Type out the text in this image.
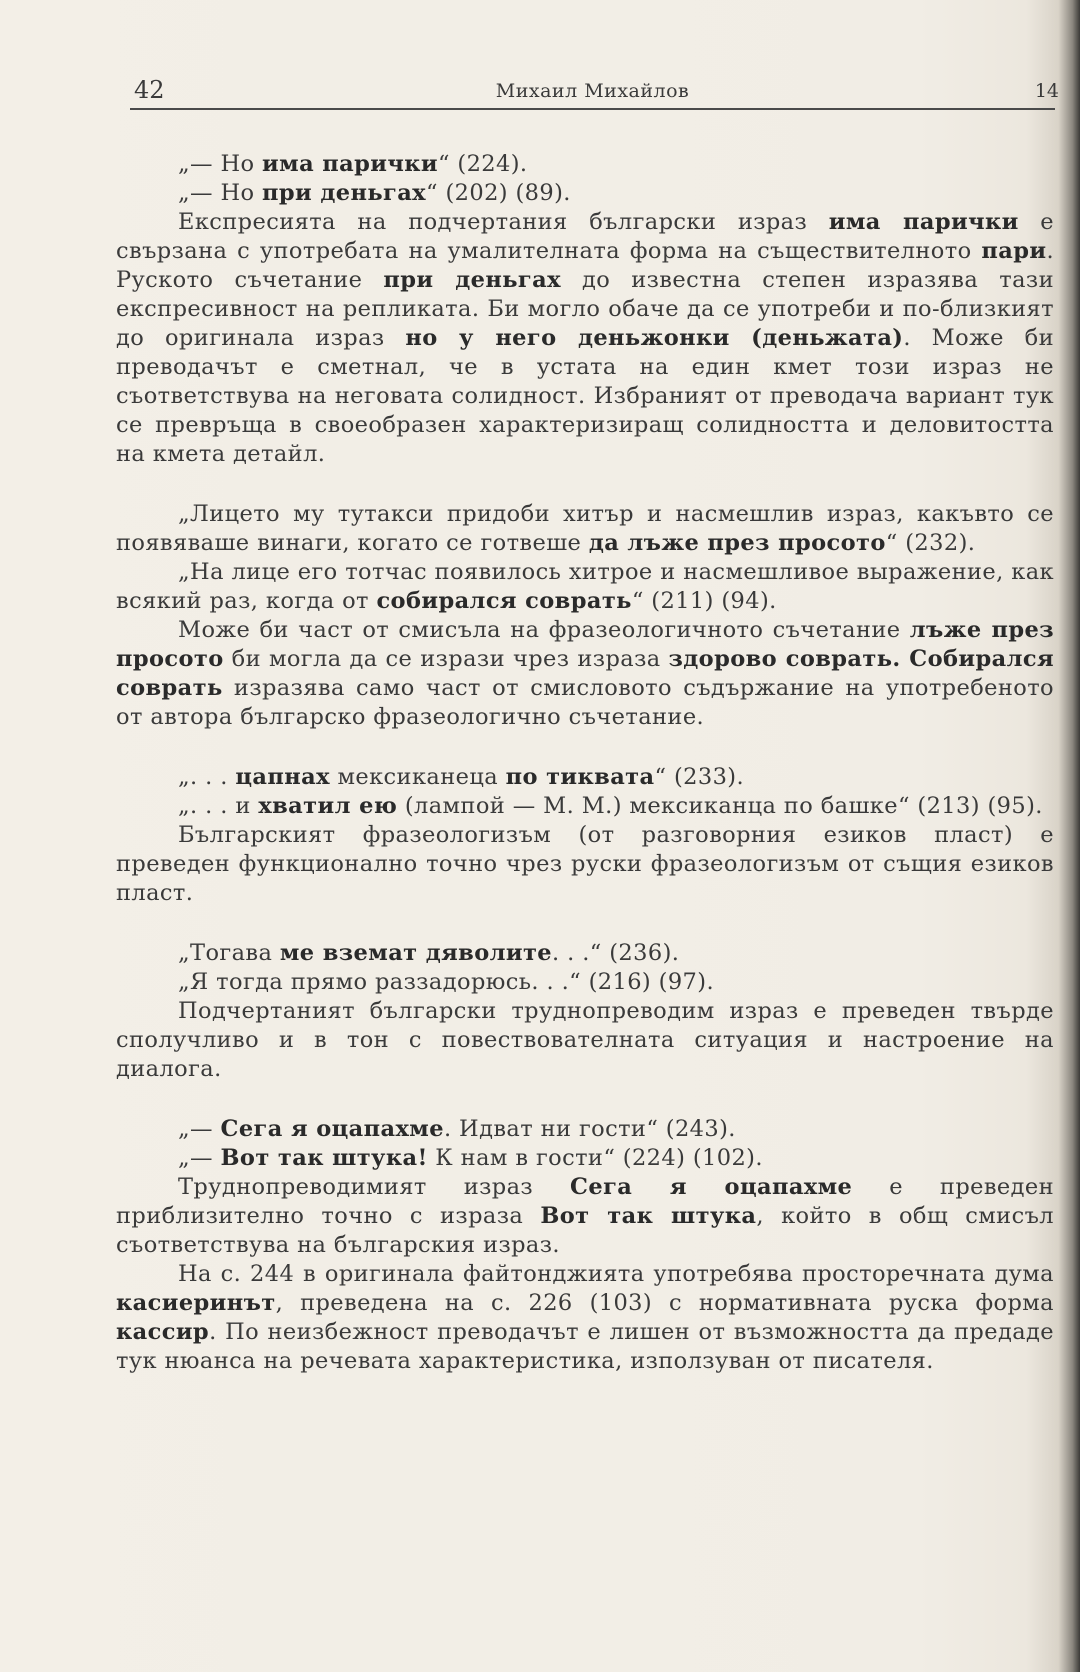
42	Михаил Михайлов	14

„— Но има парички“ (224).

„— Но при деньгах“ (202) (89).

Експресията на подчертания български израз има парички е свързана с употребата на умалителната форма на съществителното пари. Руското съчетание при деньгах до известна степен изразява тази експресивност на репликата. Би могло обаче да се употреби и по-близкият до оригинала израз но у него деньжонки (деньжата). Може би преводачът е сметнал, че в устата на един кмет този израз не съответствува на неговата солидност. Избраният от преводача вариант тук се превръща в своеобразен характеризиращ солидността и деловитостта на кмета детайл.

„Лицето му тутакси придоби хитър и насмешлив израз, какъвто се появяваше винаги, когато се готвеше да лъже през просото“ (232).

„На лице его тотчас появилось хитрое и насмешливое выражение, как всякий раз, когда от собирался соврать“ (211) (94).

Може би част от смисъла на фразеологичното съчетание лъже през просото би могла да се изрази чрез израза здорово соврать. Собирался соврать изразява само част от смисловото съдържание на употребеното от автора българско фразеологично съчетание.

„. . . цапнах мексиканеца по тиквата“ (233).

„. . . и хватил ею (лампой — М. М.) мексиканца по башке“ (213) (95).

Българският фразеологизъм (от разговорния езиков пласт) е преведен функционално точно чрез руски фразеологизъм от същия езиков пласт.

„Тогава ме вземат дяволите. . .“ (236).

„Я тогда прямо раззадорюсь. . .“ (216) (97).

Подчертаният български труднопреводим израз е преведен твърде сполучливо и в тон с повествователната ситуация и настроение на диалога.

„— Сега я оцапахме. Идват ни гости“ (243).

„— Вот так штука! К нам в гости“ (224) (102).

Труднопреводимият израз Сега я оцапахме е преведен приблизително точно с израза Вот так штука, който в общ смисъл съответствува на българския израз.

На с. 244 в оригинала файтонджията употребява просторечната дума касиеринът, преведена на с. 226 (103) с нормативната руска форма кассир. По неизбежност преводачът е лишен от възможността да предаде тук нюанса на речевата характеристика, използуван от писателя.
